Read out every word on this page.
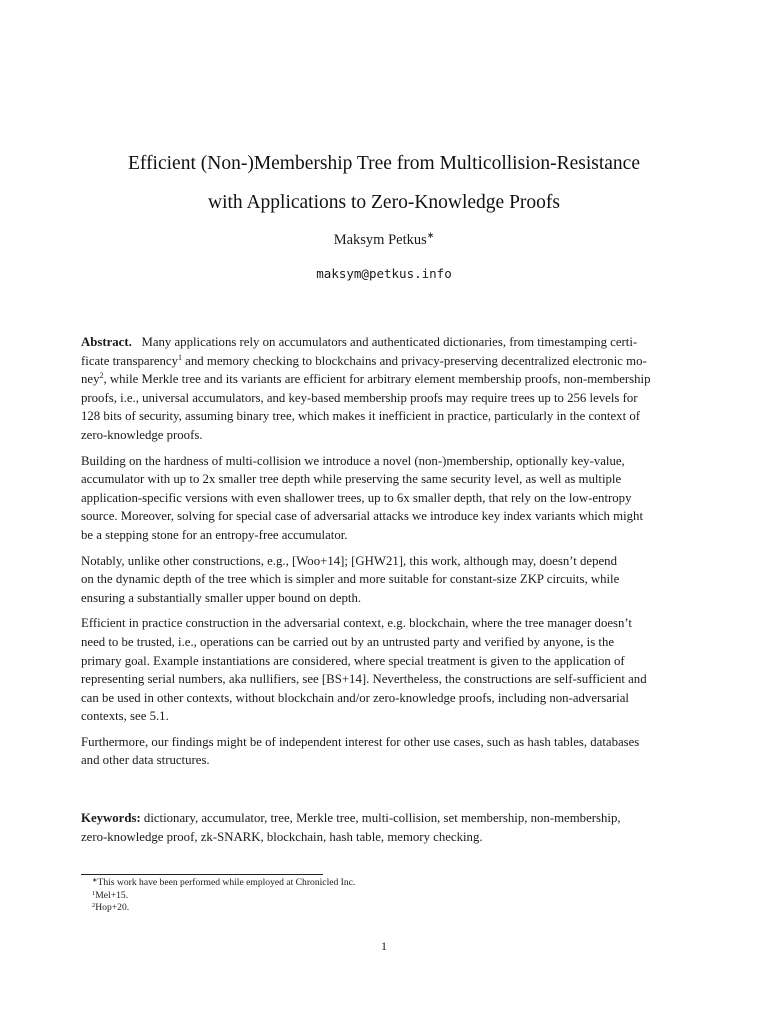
Efficient (Non-)Membership Tree from Multicollision-Resistance
with Applications to Zero-Knowledge Proofs
Maksym Petkus∗
maksym@petkus.info
Abstract. Many applications rely on accumulators and authenticated dictionaries, from timestamping certi-
ficate transparency$^1$ and memory checking to blockchains and privacy-preserving decentralized electronic mo-
ney$^2$, while Merkle tree and its variants are efficient for arbitrary element membership proofs, non-membership
proofs, i.e., universal accumulators, and key-based membership proofs may require trees up to 256 levels for
128 bits of security, assuming binary tree, which makes it inefficient in practice, particularly in the context of
zero-knowledge proofs.
Building on the hardness of multi-collision we introduce a novel (non-)membership, optionally key-value,
accumulator with up to 2x smaller tree depth while preserving the same security level, as well as multiple
application-specific versions with even shallower trees, up to 6x smaller depth, that rely on the low-entropy
source. Moreover, solving for special case of adversarial attacks we introduce key index variants which might
be a stepping stone for an entropy-free accumulator.
Notably, unlike other constructions, e.g., [Woo+14]; [GHW21], this work, although may, doesn’t depend
on the dynamic depth of the tree which is simpler and more suitable for constant-size ZKP circuits, while
ensuring a substantially smaller upper bound on depth.
Efficient in practice construction in the adversarial context, e.g. blockchain, where the tree manager doesn’t
need to be trusted, i.e., operations can be carried out by an untrusted party and verified by anyone, is the
primary goal. Example instantiations are considered, where special treatment is given to the application of
representing serial numbers, aka nullifiers, see [BS+14]. Nevertheless, the constructions are self-sufficient and
can be used in other contexts, without blockchain and/or zero-knowledge proofs, including non-adversarial
contexts, see 5.1.
Furthermore, our findings might be of independent interest for other use cases, such as hash tables, databases
and other data structures.
Keywords: dictionary, accumulator, tree, Merkle tree, multi-collision, set membership, non-membership,
zero-knowledge proof, zk-SNARK, blockchain, hash table, memory checking.
∗This work have been performed while employed at Chronicled Inc.
$^1$Mel+15.
$^2$Hop+20.
1
